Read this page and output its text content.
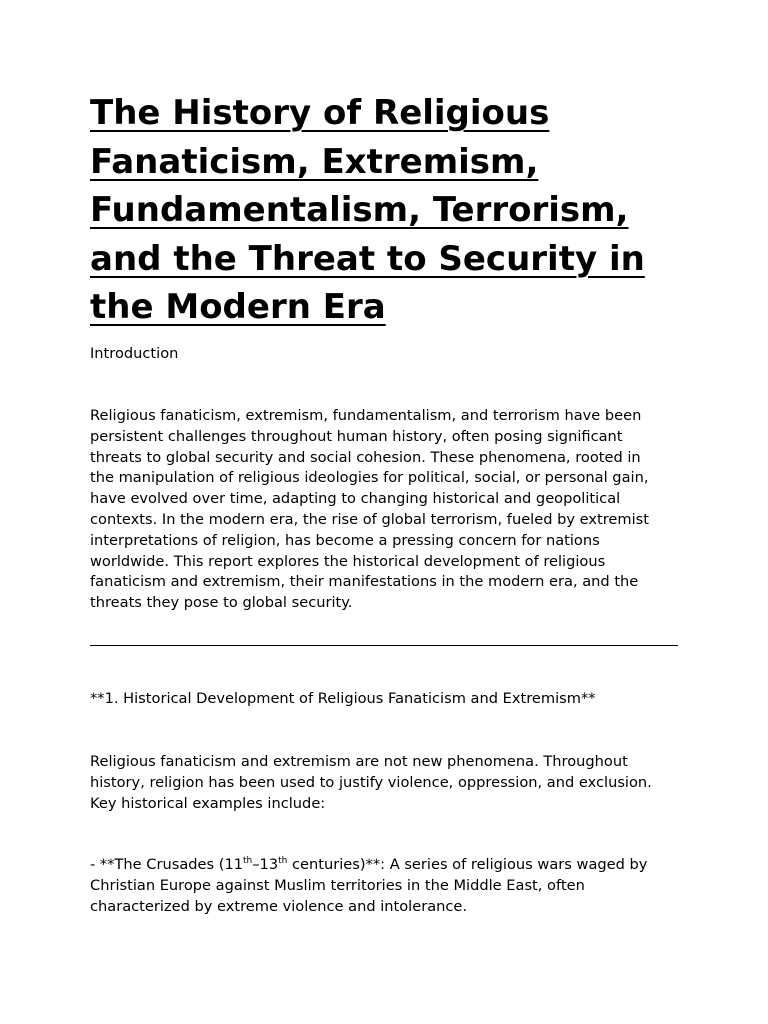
The History of Religious
Fanaticism, Extremism,
Fundamentalism, Terrorism,
and the Threat to Security in
the Modern Era

Introduction

Religious fanaticism, extremism, fundamentalism, and terrorism have been
persistent challenges throughout human history, often posing significant
threats to global security and social cohesion. These phenomena, rooted in
the manipulation of religious ideologies for political, social, or personal gain,
have evolved over time, adapting to changing historical and geopolitical
contexts. In the modern era, the rise of global terrorism, fueled by extremist
interpretations of religion, has become a pressing concern for nations
worldwide. This report explores the historical development of religious
fanaticism and extremism, their manifestations in the modern era, and the
threats they pose to global security.

**1. Historical Development of Religious Fanaticism and Extremism**

Religious fanaticism and extremism are not new phenomena. Throughout
history, religion has been used to justify violence, oppression, and exclusion.
Key historical examples include:

- **The Crusades (11th–13th centuries)**: A series of religious wars waged by
Christian Europe against Muslim territories in the Middle East, often
characterized by extreme violence and intolerance.
